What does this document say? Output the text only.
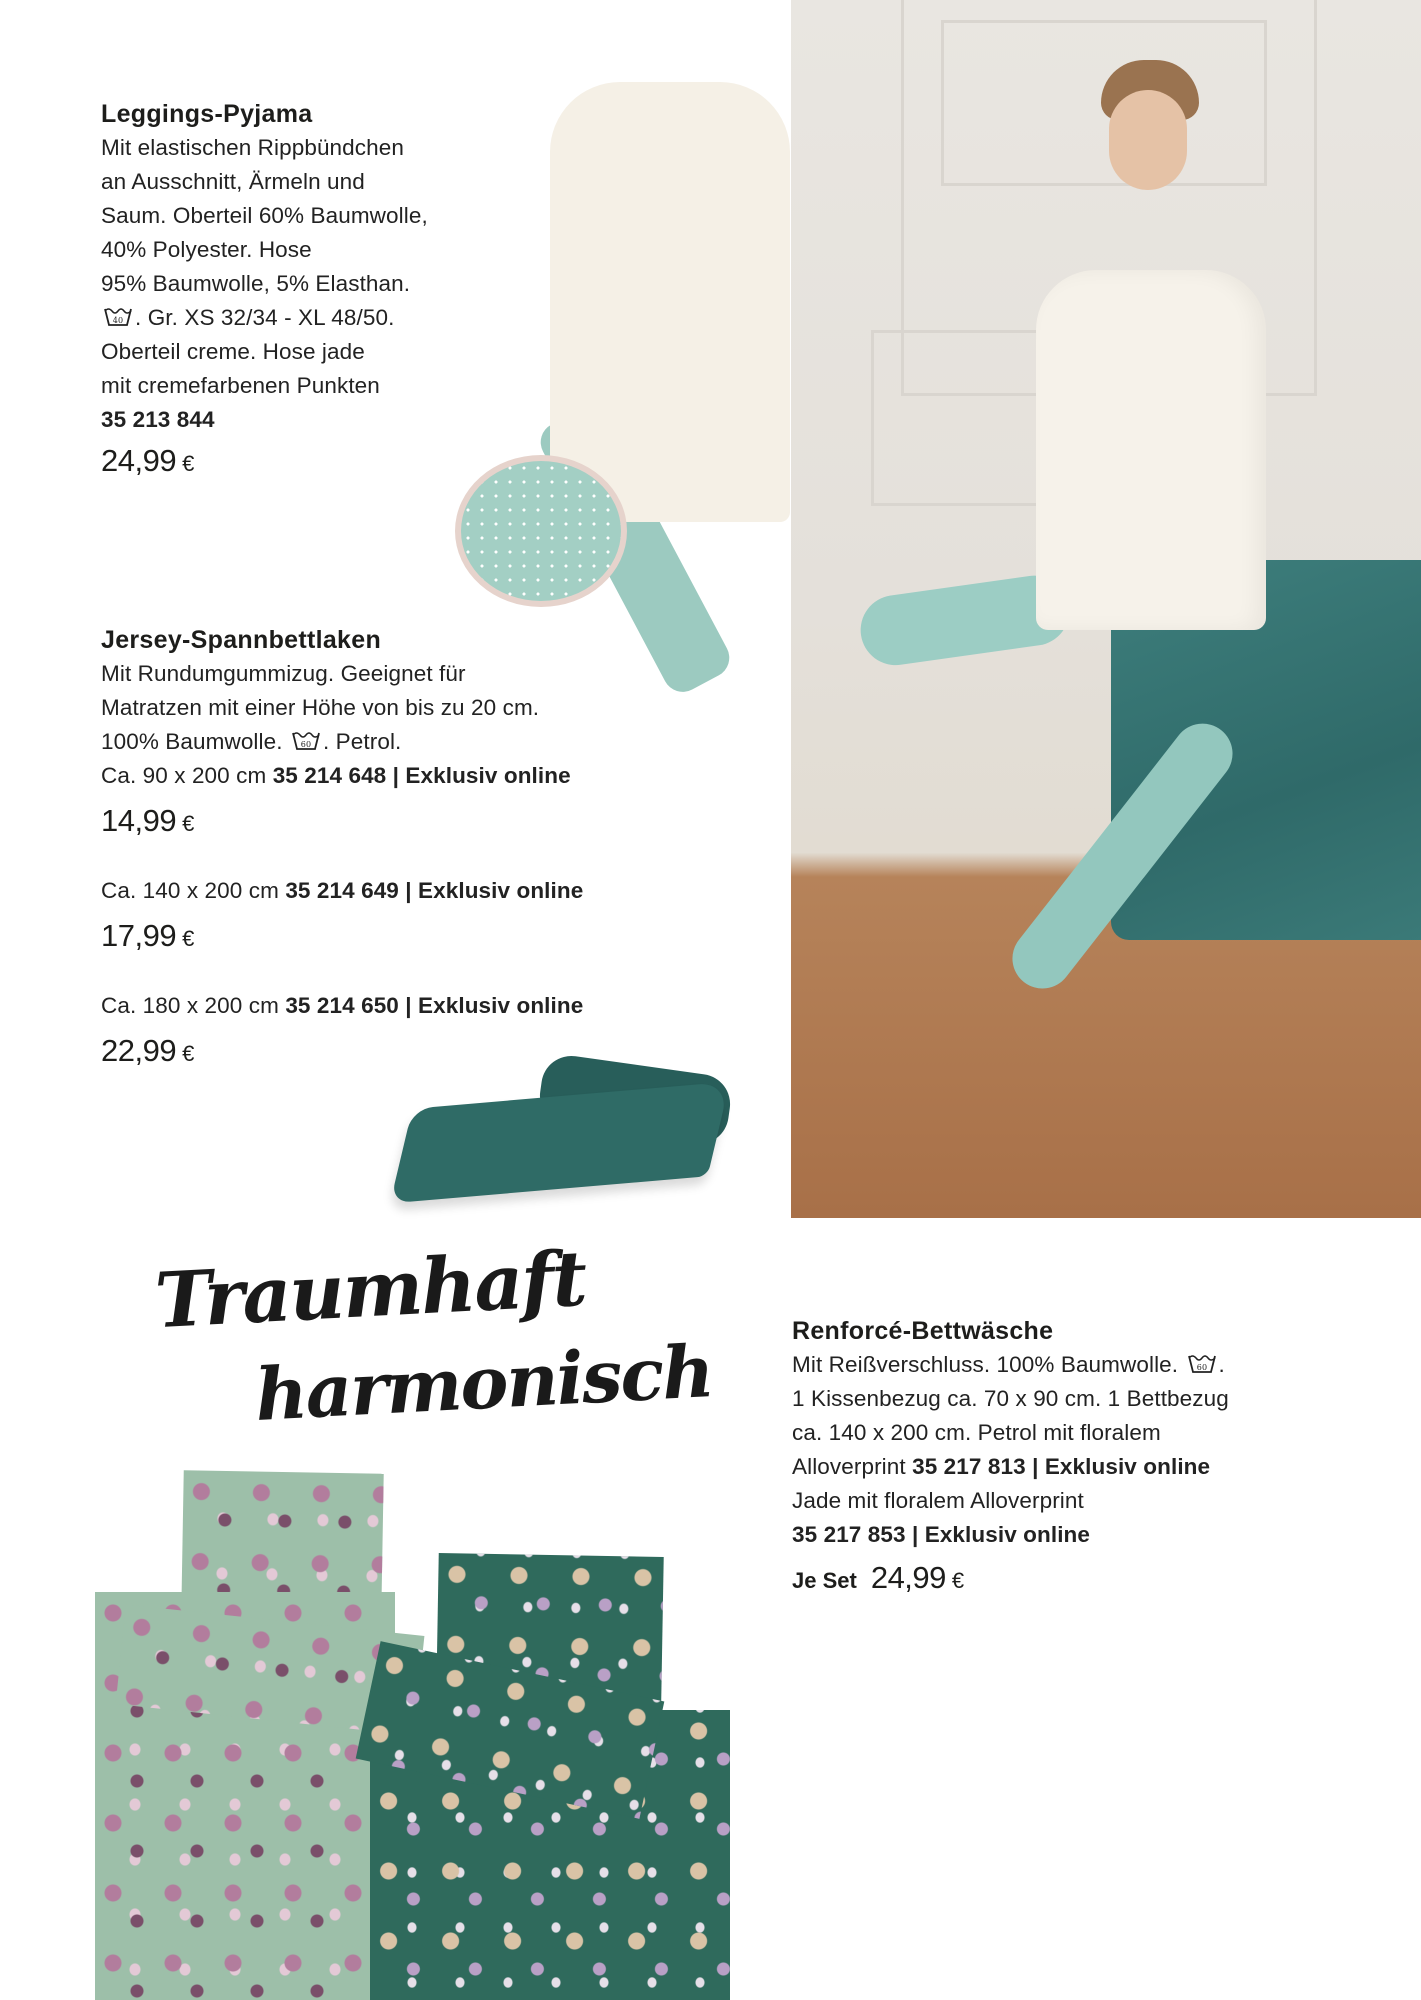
Leggings-Pyjama
Mit elastischen Rippbündchen
an Ausschnitt, Ärmeln und
Saum. Oberteil 60% Baumwolle,
40% Polyester. Hose
95% Baumwolle, 5% Elasthan.
40 . Gr. XS 32/34 - XL 48/50.
Oberteil creme. Hose jade
mit cremefarbenen Punkten
35 213 844
24,99 €
Jersey-Spannbettlaken
Mit Rundumgummizug. Geeignet für
Matratzen mit einer Höhe von bis zu 20 cm.
100% Baumwolle. 60 . Petrol.
Ca. 90 x 200 cm 35 214 648 | Exklusiv online
14,99 €
Ca. 140 x 200 cm 35 214 649 | Exklusiv online
17,99 €
Ca. 180 x 200 cm 35 214 650 | Exklusiv online
22,99 €
Traumhaft
harmonisch	Renforcé-Bettwäsche
Mit Reißverschluss. 100% Baumwolle. 60 .
1 Kissenbezug ca. 70 x 90 cm. 1 Bettbezug
ca. 140 x 200 cm. Petrol mit floralem
Alloverprint 35 217 813 | Exklusiv online
Jade mit floralem Alloverprint
35 217 853 | Exklusiv online
Je Set 24,99 €
